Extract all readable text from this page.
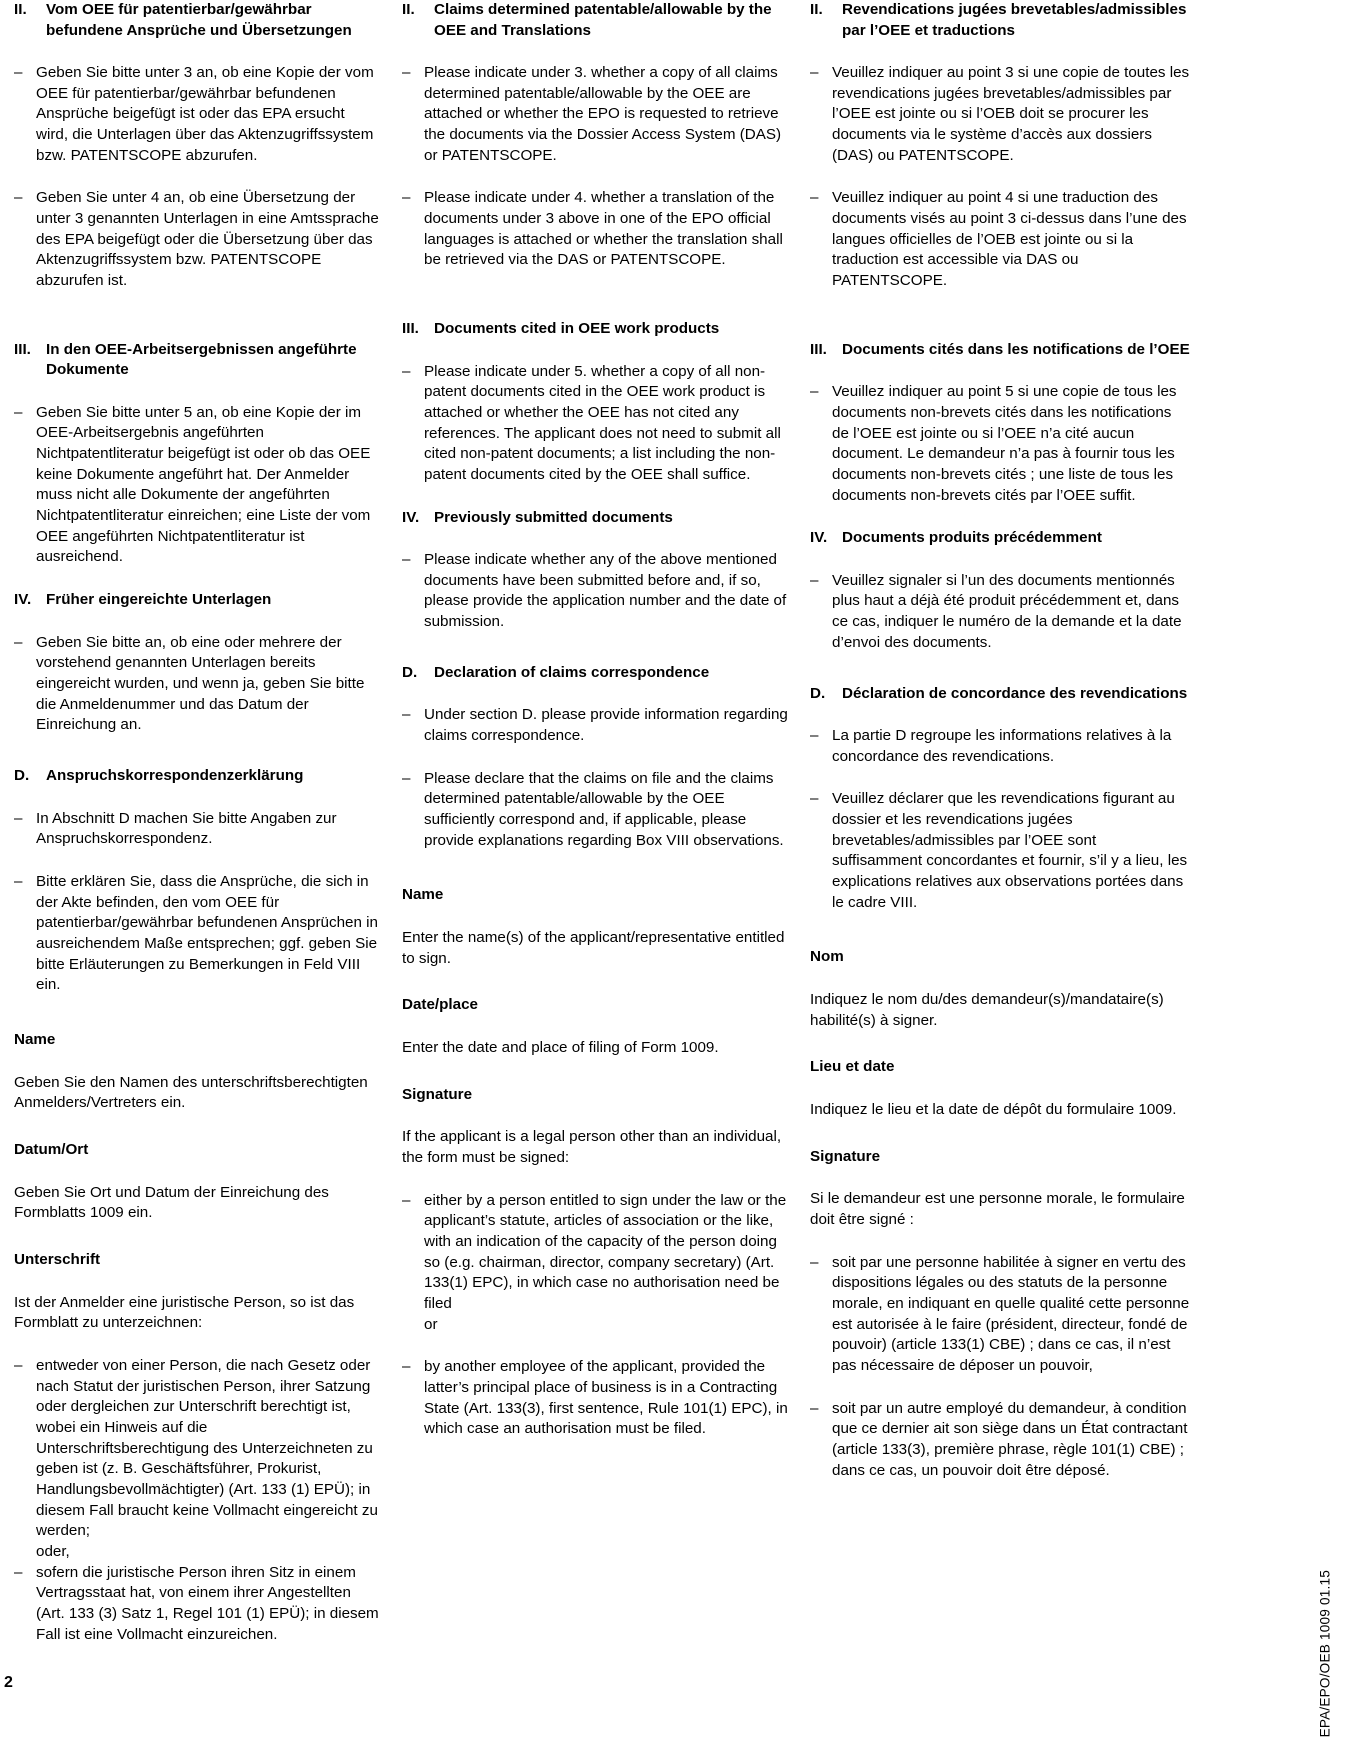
II.	Vom OEE für patentierbar/gewährbar befundene Ansprüche und Übersetzungen
– Geben Sie bitte unter 3 an, ob eine Kopie der vom OEE für patentierbar/gewährbar befundenen Ansprüche beigefügt ist oder das EPA ersucht wird, die Unterlagen über das Aktenzugriffssystem bzw. PATENTSCOPE abzurufen.
– Geben Sie unter 4 an, ob eine Übersetzung der unter 3 genannten Unterlagen in eine Amtssprache des EPA beigefügt oder die Übersetzung über das Aktenzugriffssystem bzw. PATENTSCOPE abzurufen ist.
III. In den OEE-Arbeitsergebnissen angeführte Dokumente
– Geben Sie bitte unter 5 an, ob eine Kopie der im OEE-Arbeitsergebnis angeführten Nichtpatentliteratur beigefügt ist oder ob das OEE keine Dokumente angeführt hat. Der Anmelder muss nicht alle Dokumente der angeführten Nichtpatentliteratur einreichen; eine Liste der vom OEE angeführten Nichtpatentliteratur ist ausreichend.
IV. Früher eingereichte Unterlagen
– Geben Sie bitte an, ob eine oder mehrere der vorstehend genannten Unterlagen bereits eingereicht wurden, und wenn ja, geben Sie bitte die Anmeldenummer und das Datum der Einreichung an.
D.	Anspruchskorrespondenzerklärung
– In Abschnitt D machen Sie bitte Angaben zur Anspruchskorrespondenz.
– Bitte erklären Sie, dass die Ansprüche, die sich in der Akte befinden, den vom OEE für patentierbar/gewährbar befundenen Ansprüchen in ausreichendem Maße entsprechen; ggf. geben Sie bitte Erläuterungen zu Bemerkungen in Feld VIII ein.
Name
Geben Sie den Namen des unterschriftsberechtigten Anmelders/Vertreters ein.
Datum/Ort
Geben Sie Ort und Datum der Einreichung des Formblatts 1009 ein.
Unterschrift
Ist der Anmelder eine juristische Person, so ist das Formblatt zu unterzeichnen:
– entweder von einer Person, die nach Gesetz oder nach Statut der juristischen Person, ihrer Satzung oder dergleichen zur Unterschrift berechtigt ist, wobei ein Hinweis auf die Unterschriftsberechtigung des Unterzeichneten zu geben ist (z. B. Geschäftsführer, Prokurist, Handlungsbevollmächtigter) (Art. 133 (1) EPÜ); in diesem Fall braucht keine Vollmacht eingereicht zu werden;
oder,
– sofern die juristische Person ihren Sitz in einem Vertragsstaat hat, von einem ihrer Angestellten (Art. 133 (3) Satz 1, Regel 101 (1) EPÜ); in diesem Fall ist eine Vollmacht einzureichen.
II.	Claims determined patentable/allowable by the OEE and Translations
– Please indicate under 3. whether a copy of all claims determined patentable/allowable by the OEE are attached or whether the EPO is requested to retrieve the documents via the Dossier Access System (DAS) or PATENTSCOPE.
– Please indicate under 4. whether a translation of the documents under 3 above in one of the EPO official languages is attached or whether the translation shall be retrieved via the DAS or PATENTSCOPE.
III. Documents cited in OEE work products
– Please indicate under 5. whether a copy of all non-patent documents cited in the OEE work product is attached or whether the OEE has not cited any references. The applicant does not need to submit all cited non-patent documents; a list including the non-patent documents cited by the OEE shall suffice.
IV. Previously submitted documents
– Please indicate whether any of the above mentioned documents have been submitted before and, if so, please provide the application number and the date of submission.
D.	Declaration of claims correspondence
– Under section D. please provide information regarding claims correspondence.
– Please declare that the claims on file and the claims determined patentable/allowable by the OEE sufficiently correspond and, if applicable, please provide explanations regarding Box VIII observations.
Name
Enter the name(s) of the applicant/representative entitled to sign.
Date/place
Enter the date and place of filing of Form 1009.
Signature
If the applicant is a legal person other than an individual, the form must be signed:
– either by a person entitled to sign under the law or the applicant’s statute, articles of association or the like, with an indication of the capacity of the person doing so (e.g. chairman, director, company secretary) (Art. 133(1) EPC), in which case no authorisation need be filed
or
– by another employee of the applicant, provided the latter’s principal place of business is in a Contracting State (Art. 133(3), first sentence, Rule 101(1) EPC), in which case an authorisation must be filed.
II.	Revendications jugées brevetables/admissibles par l’OEE et traductions
– Veuillez indiquer au point 3 si une copie de toutes les revendications jugées brevetables/admissibles par l’OEE est jointe ou si l’OEB doit se procurer les documents via le système d’accès aux dossiers (DAS) ou PATENTSCOPE.
– Veuillez indiquer au point 4 si une traduction des documents visés au point 3 ci-dessus dans l’une des langues officielles de l’OEB est jointe ou si la traduction est accessible via DAS ou PATENTSCOPE.
III. Documents cités dans les notifications de l’OEE
– Veuillez indiquer au point 5 si une copie de tous les documents non-brevets cités dans les notifications de l’OEE est jointe ou si l’OEE n’a cité aucun document. Le demandeur n’a pas à fournir tous les documents non-brevets cités ; une liste de tous les documents non-brevets cités par l’OEE suffit.
IV. Documents produits précédemment
– Veuillez signaler si l’un des documents mentionnés plus haut a déjà été produit précédemment et, dans ce cas, indiquer le numéro de la demande et la date d’envoi des documents.
D.	Déclaration de concordance des revendications
– La partie D regroupe les informations relatives à la concordance des revendications.
– Veuillez déclarer que les revendications figurant au dossier et les revendications jugées brevetables/admissibles par l’OEE sont suffisamment concordantes et fournir, s’il y a lieu, les explications relatives aux observations portées dans le cadre VIII.
Nom
Indiquez le nom du/des demandeur(s)/mandataire(s) habilité(s) à signer.
Lieu et date
Indiquez le lieu et la date de dépôt du formulaire 1009.
Signature
Si le demandeur est une personne morale, le formulaire doit être signé :
– soit par une personne habilitée à signer en vertu des dispositions légales ou des statuts de la personne morale, en indiquant en quelle qualité cette personne est autorisée à le faire (président, directeur, fondé de pouvoir) (article 133(1) CBE) ; dans ce cas, il n’est pas nécessaire de déposer un pouvoir,
– soit par un autre employé du demandeur, à condition que ce dernier ait son siège dans un État contractant (article 133(3), première phrase, règle 101(1) CBE) ; dans ce cas, un pouvoir doit être déposé.
EPA/EPO/OEB 1009 01.15
2
